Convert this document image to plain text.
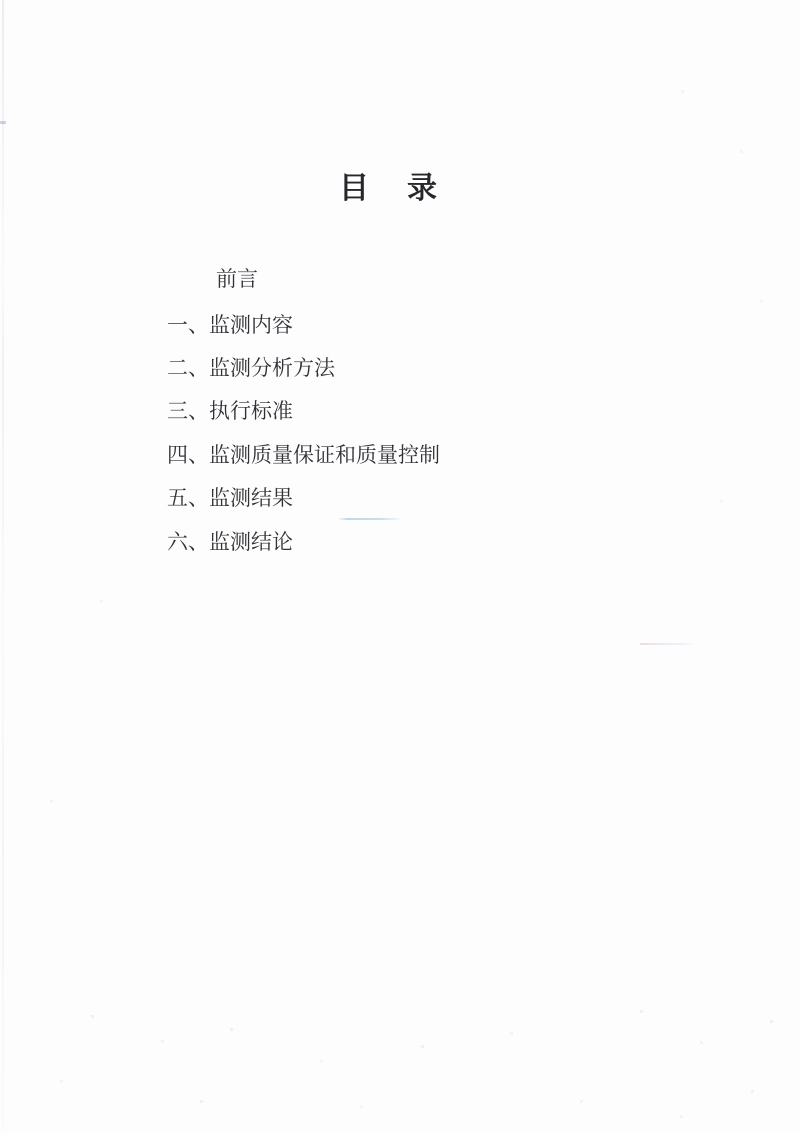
目 录
前言
一、监测内容
二、监测分析方法
三、执行标准
四、监测质量保证和质量控制
五、监测结果
六、监测结论
